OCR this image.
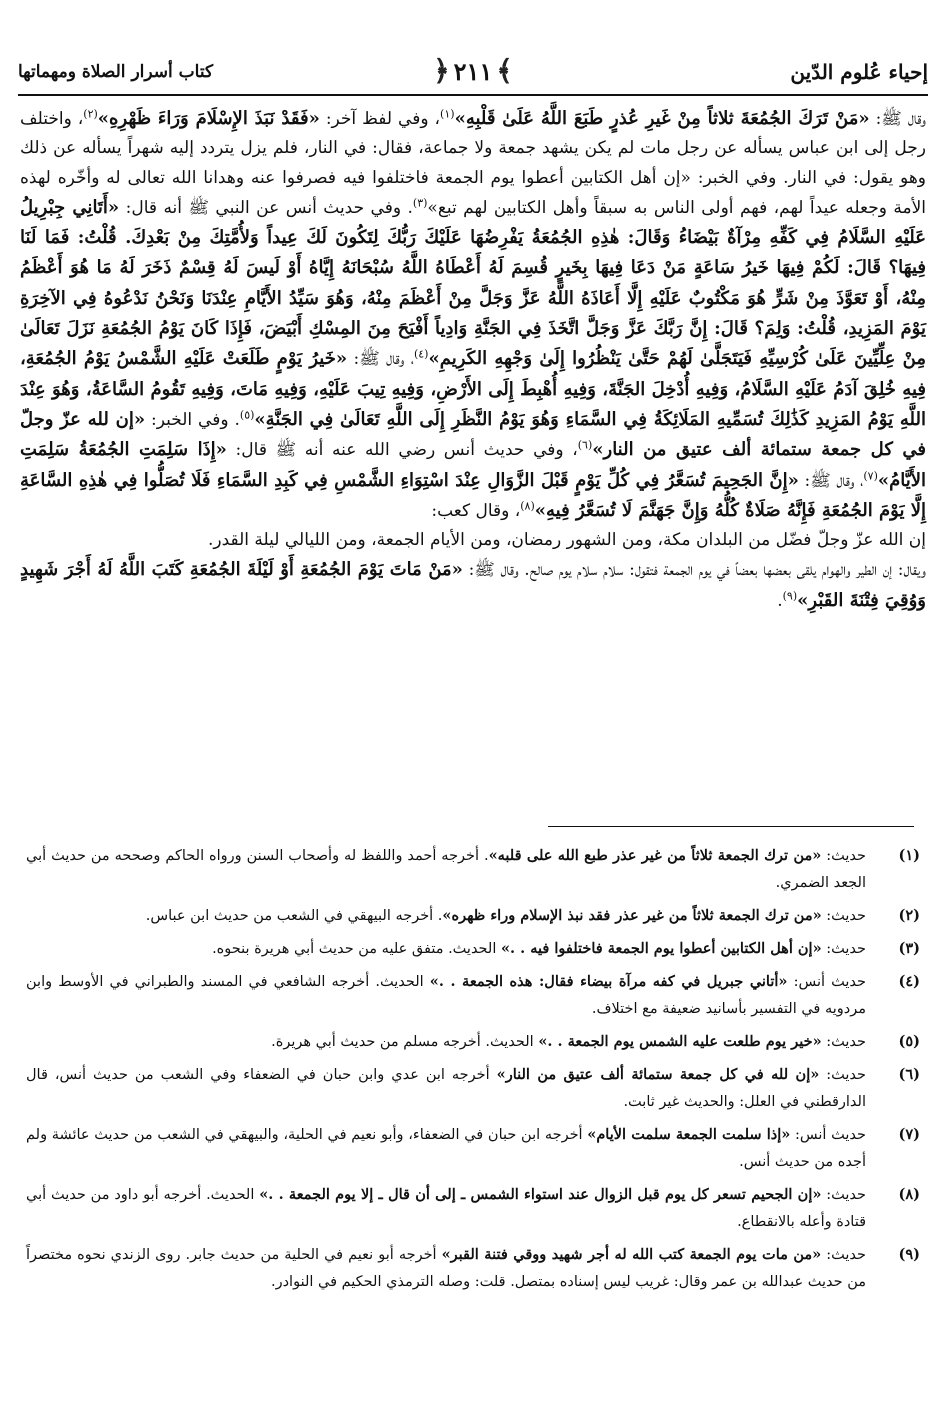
إحياء عُلوم الدّين
﴾٢١١﴿
كتاب أسرار الصلاة ومهماتها

وقال ﷺ: «مَنْ تَرَكَ الجُمُعَةَ ثلاثاً مِنْ غَيرِ عُذرٍ طَبَعَ اللَّهُ عَلَىٰ قَلْبِهِ»$^{(١)}$، وفي لفظ آخر: «فَقَدْ نَبَذَ الإِسْلَامَ وَرَاءَ ظَهْرِهِ»$^{(٢)}$، واختلف رجل إلى ابن عباس يسأله عن رجل مات لم يكن يشهد جمعة ولا جماعة، فقال: في النار، فلم يزل يتردد إليه شهراً يسأله عن ذلك وهو يقول: في النار. وفي الخبر: «إن أهل الكتابين أعطوا يوم الجمعة فاختلفوا فيه فصرفوا عنه وهدانا الله تعالى له وأخّره لهذه الأمة وجعله عيداً لهم، فهم أولى الناس به سبقاً وأهل الكتابين لهم تبع»$^{(٣)}$. وفي حديث أنس عن النبي ﷺ أنه قال: «أَتَانِي جِبْرِيلُ عَلَيْهِ السَّلَامُ فِي كَفِّهِ مِرْآةٌ بَيْضَاءُ وَقَالَ: هٰذِهِ الجُمُعَةُ يَفْرِضُهَا عَلَيْكَ رَبُّكَ لِتَكُونَ لَكَ عِيداً وَلأُمَّتِكَ مِنْ بَعْدِكَ. قُلْتُ: فَمَا لَنَا فِيهَا؟ قَالَ: لَكُمْ فِيهَا خَيرُ سَاعَةٍ مَنْ دَعَا فِيهَا بِخَيرٍ قُسِمَ لَهُ أَعْطَاهُ اللَّهُ سُبْحَانَهُ إِيَّاهُ أَوْ لَيسَ لَهُ قِسْمٌ ذَخَرَ لَهُ مَا هُوَ أَعْظَمُ مِنْهُ، أَوْ تَعَوَّذَ مِنْ شَرٍّ هُوَ مَكْتُوبٌ عَلَيْهِ إِلَّا أَعَاذَهُ اللَّهُ عَزَّ وَجَلَّ مِنْ أَعْظَمَ مِنْهُ، وَهُوَ سَيِّدُ الأَيَّامِ عِنْدَنَا وَنَحْنُ نَدْعُوهُ فِي الآخِرَةِ يَوْمَ المَزِيدِ، قُلْتُ: وَلِمَ؟ قَالَ: إِنَّ رَبَّكَ عَزَّ وَجَلَّ اتَّخَذَ فِي الجَنَّةِ وَادِياً أَفْيَحَ مِنَ المِسْكِ أَبْيَضَ، فَإِذَا كَانَ يَوْمُ الجُمُعَةِ نَزَلَ تَعَالَىٰ مِنْ عِلِّيِّينَ عَلَىٰ كُرْسِيِّهِ فَيَتَجَلَّىٰ لَهُمْ حَتَّىٰ يَنْظُرُوا إِلَىٰ وَجْهِهِ الكَرِيمِ»$^{(٤)}$، وقال ﷺ: «خَيرُ يَوْمٍ طَلَعَتْ عَلَيْهِ الشَّمْسُ يَوْمُ الجُمُعَةِ، فِيهِ خُلِقَ آدَمُ عَلَيْهِ السَّلَامُ، وَفِيهِ أُدْخِلَ الجَنَّةَ، وَفِيهِ أُهْبِطَ إِلَى الأَرْضِ، وَفِيهِ تِيبَ عَلَيْهِ، وَفِيهِ مَاتَ، وَفِيهِ تَقُومُ السَّاعَةُ، وَهُوَ عِنْدَ اللَّهِ يَوْمُ المَزِيدِ كَذَٰلِكَ تُسَمِّيهِ المَلَائِكَةُ فِي السَّمَاءِ وَهُوَ يَوْمُ النَّظَرِ إِلَى اللَّهِ تَعَالَىٰ فِي الجَنَّةِ»$^{(٥)}$. وفي الخبر: «إن لله عزّ وجلّ في كل جمعة ستمائة ألف عتيق من النار»$^{(٦)}$، وفي حديث أنس رضي الله عنه أنه ﷺ قال: «إِذَا سَلِمَتِ الجُمُعَةُ سَلِمَتِ الأَيَّامُ»$^{(٧)}$، وقال ﷺ: «إِنَّ الجَحِيمَ تُسَعَّرُ فِي كُلِّ يَوْمٍ قَبْلَ الزَّوَالِ عِنْدَ اسْتِوَاءِ الشَّمْسِ فِي كَبِدِ السَّمَاءِ فَلَا تُصَلُّوا فِي هٰذِهِ السَّاعَةِ إِلَّا يَوْمَ الجُمُعَةِ فَإِنَّهُ صَلَاةٌ كُلُّهُ وَإِنَّ جَهَنَّمَ لَا تُسَعَّرُ فِيهِ»$^{(٨)}$، وقال كعب:

إن الله عزّ وجلّ فضّل من البلدان مكة، ومن الشهور رمضان، ومن الأيام الجمعة، ومن الليالي ليلة القدر.

ويقال: إن الطير والهوام يلقى بعضها بعضاً في يوم الجمعة فتقول: سلام سلام يوم صالح. وقال ﷺ: «مَنْ مَاتَ يَوْمَ الجُمُعَةِ أَوْ لَيْلَةَ الجُمُعَةِ كَتَبَ اللَّهُ لَهُ أَجْرَ شَهِيدٍ وَوُقِيَ فِتْنَةَ القَبْرِ»$^{(٩)}$.

(١)
حديث: «من ترك الجمعة ثلاثاً من غير عذر طبع الله على قلبه». أخرجه أحمد واللفظ له وأصحاب السنن ورواه الحاكم وصححه من حديث أبي الجعد الضمري.
(٢)
حديث: «من ترك الجمعة ثلاثاً من غير عذر فقد نبذ الإسلام وراء ظهره». أخرجه البيهقي في الشعب من حديث ابن عباس.
(٣)
حديث: «إن أهل الكتابين أعطوا يوم الجمعة فاختلفوا فيه . .» الحديث. متفق عليه من حديث أبي هريرة بنحوه.
(٤)
حديث أنس: «أتاني جبريل في كفه مرآة بيضاء فقال: هذه الجمعة . .» الحديث. أخرجه الشافعي في المسند والطبراني في الأوسط وابن مردويه في التفسير بأسانيد ضعيفة مع اختلاف.
(٥)
حديث: «خير يوم طلعت عليه الشمس يوم الجمعة . .» الحديث. أخرجه مسلم من حديث أبي هريرة.
(٦)
حديث: «إن لله في كل جمعة ستمائة ألف عتيق من النار» أخرجه ابن عدي وابن حبان في الضعفاء وفي الشعب من حديث أنس، قال الدارقطني في العلل: والحديث غير ثابت.
(٧)
حديث أنس: «إذا سلمت الجمعة سلمت الأيام» أخرجه ابن حبان في الضعفاء، وأبو نعيم في الحلية، والبيهقي في الشعب من حديث عائشة ولم أجده من حديث أنس.
(٨)
حديث: «إن الجحيم تسعر كل يوم قبل الزوال عند استواء الشمس ـ إلى أن قال ـ إلا يوم الجمعة . .» الحديث. أخرجه أبو داود من حديث أبي قتادة وأعله بالانقطاع.
(٩)
حديث: «من مات يوم الجمعة كتب الله له أجر شهيد ووقي فتنة القبر» أخرجه أبو نعيم في الحلية من حديث جابر. روى الزندي نحوه مختصراً من حديث عبدالله بن عمر وقال: غريب ليس إسناده بمتصل. قلت: وصله الترمذي الحكيم في النوادر.
